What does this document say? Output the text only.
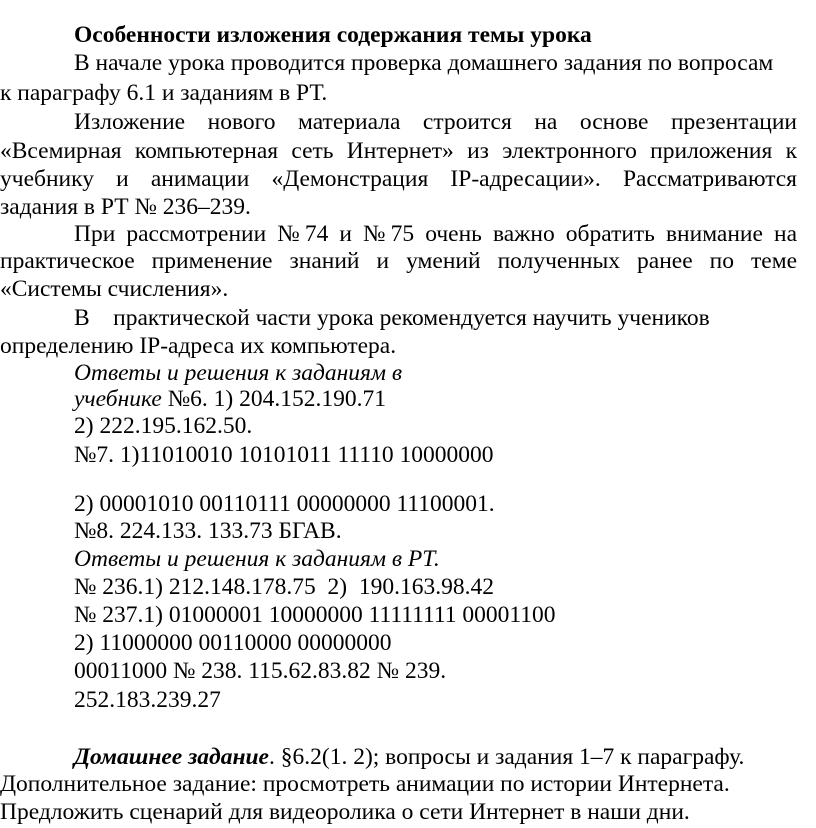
Особенности изложения содержания темы урока
В начале урока проводится проверка домашнего задания по вопросам
к параграфу 6.1 и заданиям в РТ.
Изложение нового материала строится на основе презентации
«Всемирная компьютерная сеть Интернет» из электронного приложения к
учебнику и анимации «Демонстрация IP-адресации». Рассматриваются
задания в РТ № 236–239.
При рассмотрении №74 и №75 очень важно обратить внимание на
практическое применение знаний и умений полученных ранее по теме
«Системы счисления».
В    практической части урока рекомендуется научить учеников
определению IP-адреса их компьютера.
Ответы и решения к заданиям в
учебнике №6. 1) 204.152.190.71
2) 222.195.162.50.
№7. 1)11010010 10101011 11110 10000000
2) 00001010 00110111 00000000 11100001.
№8. 224.133. 133.73 БГАВ.
Ответы и решения к заданиям в РТ.
№ 236.1) 212.148.178.75  2)  190.163.98.42
№ 237.1) 01000001 10000000 11111111 00001100
2) 11000000 00110000 00000000
00011000 № 238. 115.62.83.82 № 239.
252.183.239.27
Домашнее задание. §6.2(1. 2); вопросы и задания 1–7 к параграфу.
Дополнительное задание: просмотреть анимации по истории Интернета.
Предложить сценарий для видеоролика о сети Интернет в наши дни.
